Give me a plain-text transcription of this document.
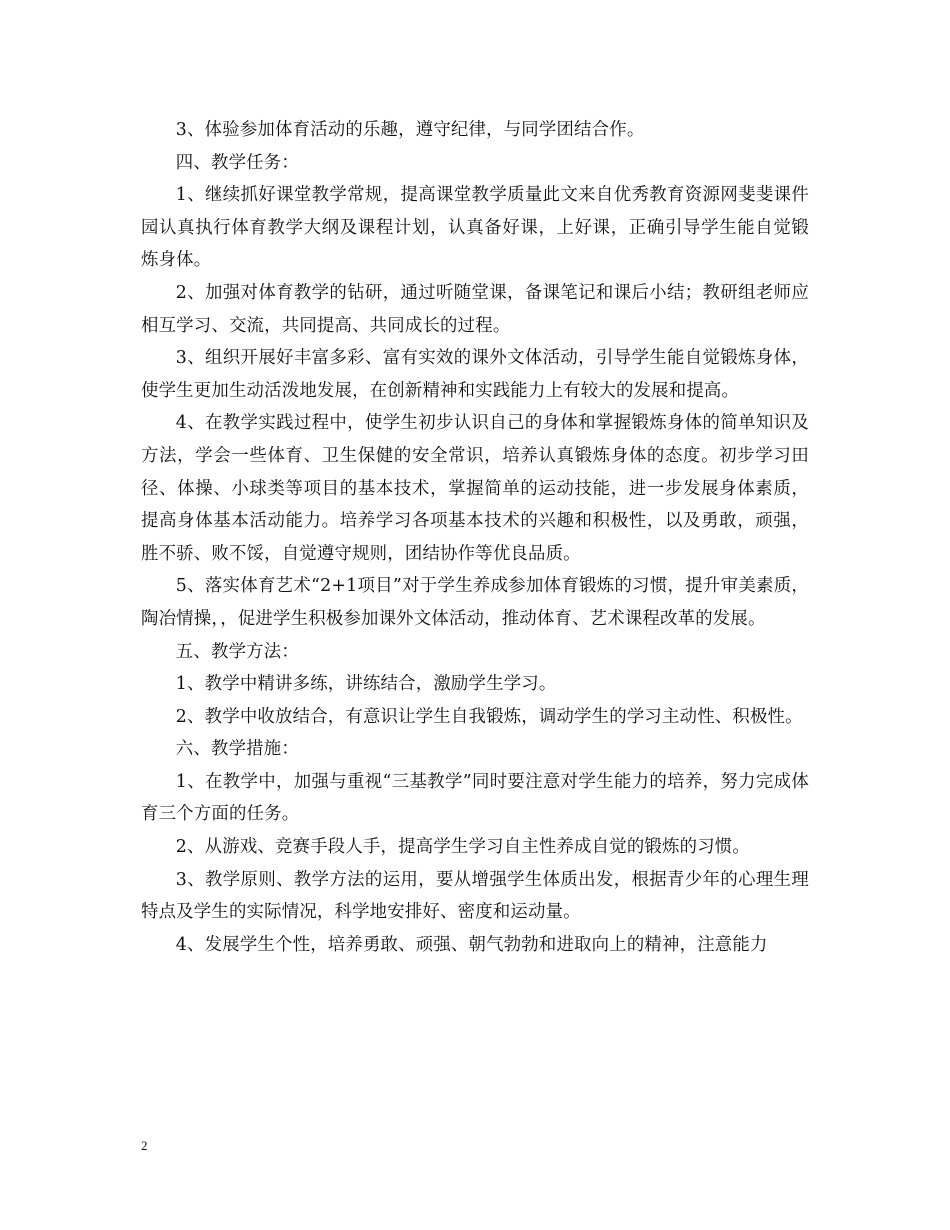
3、体验参加体育活动的乐趣，遵守纪律，与同学团结合作。

四、教学任务：

1、继续抓好课堂教学常规，提高课堂教学质量此文来自优秀教育资源网斐斐课件园认真执行体育教学大纲及课程计划，认真备好课，上好课，正确引导学生能自觉锻炼身体。

2、加强对体育教学的钻研，通过听随堂课，备课笔记和课后小结；教研组老师应相互学习、交流，共同提高、共同成长的过程。

3、组织开展好丰富多彩、富有实效的课外文体活动，引导学生能自觉锻炼身体，使学生更加生动活泼地发展，在创新精神和实践能力上有较大的发展和提高。

4、在教学实践过程中，使学生初步认识自己的身体和掌握锻炼身体的简单知识及方法，学会一些体育、卫生保健的安全常识，培养认真锻炼身体的态度。初步学习田径、体操、小球类等项目的基本技术，掌握简单的运动技能，进一步发展身体素质，提高身体基本活动能力。培养学习各项基本技术的兴趣和积极性，以及勇敢，顽强，胜不骄、败不馁，自觉遵守规则，团结协作等优良品质。

5、落实体育艺术“2+1项目”对于学生养成参加体育锻炼的习惯，提升审美素质，陶冶情操，，促进学生积极参加课外文体活动，推动体育、艺术课程改革的发展。

五、教学方法：

1、教学中精讲多练，讲练结合，激励学生学习。

2、教学中收放结合，有意识让学生自我锻炼，调动学生的学习主动性、积极性。

六、教学措施：

1、在教学中，加强与重视“三基教学”同时要注意对学生能力的培养，努力完成体育三个方面的任务。

2、从游戏、竞赛手段人手，提高学生学习自主性养成自觉的锻炼的习惯。

3、教学原则、教学方法的运用，要从增强学生体质出发，根据青少年的心理生理特点及学生的实际情况，科学地安排好、密度和运动量。

4、发展学生个性，培养勇敢、顽强、朝气勃勃和进取向上的精神，注意能力

2
